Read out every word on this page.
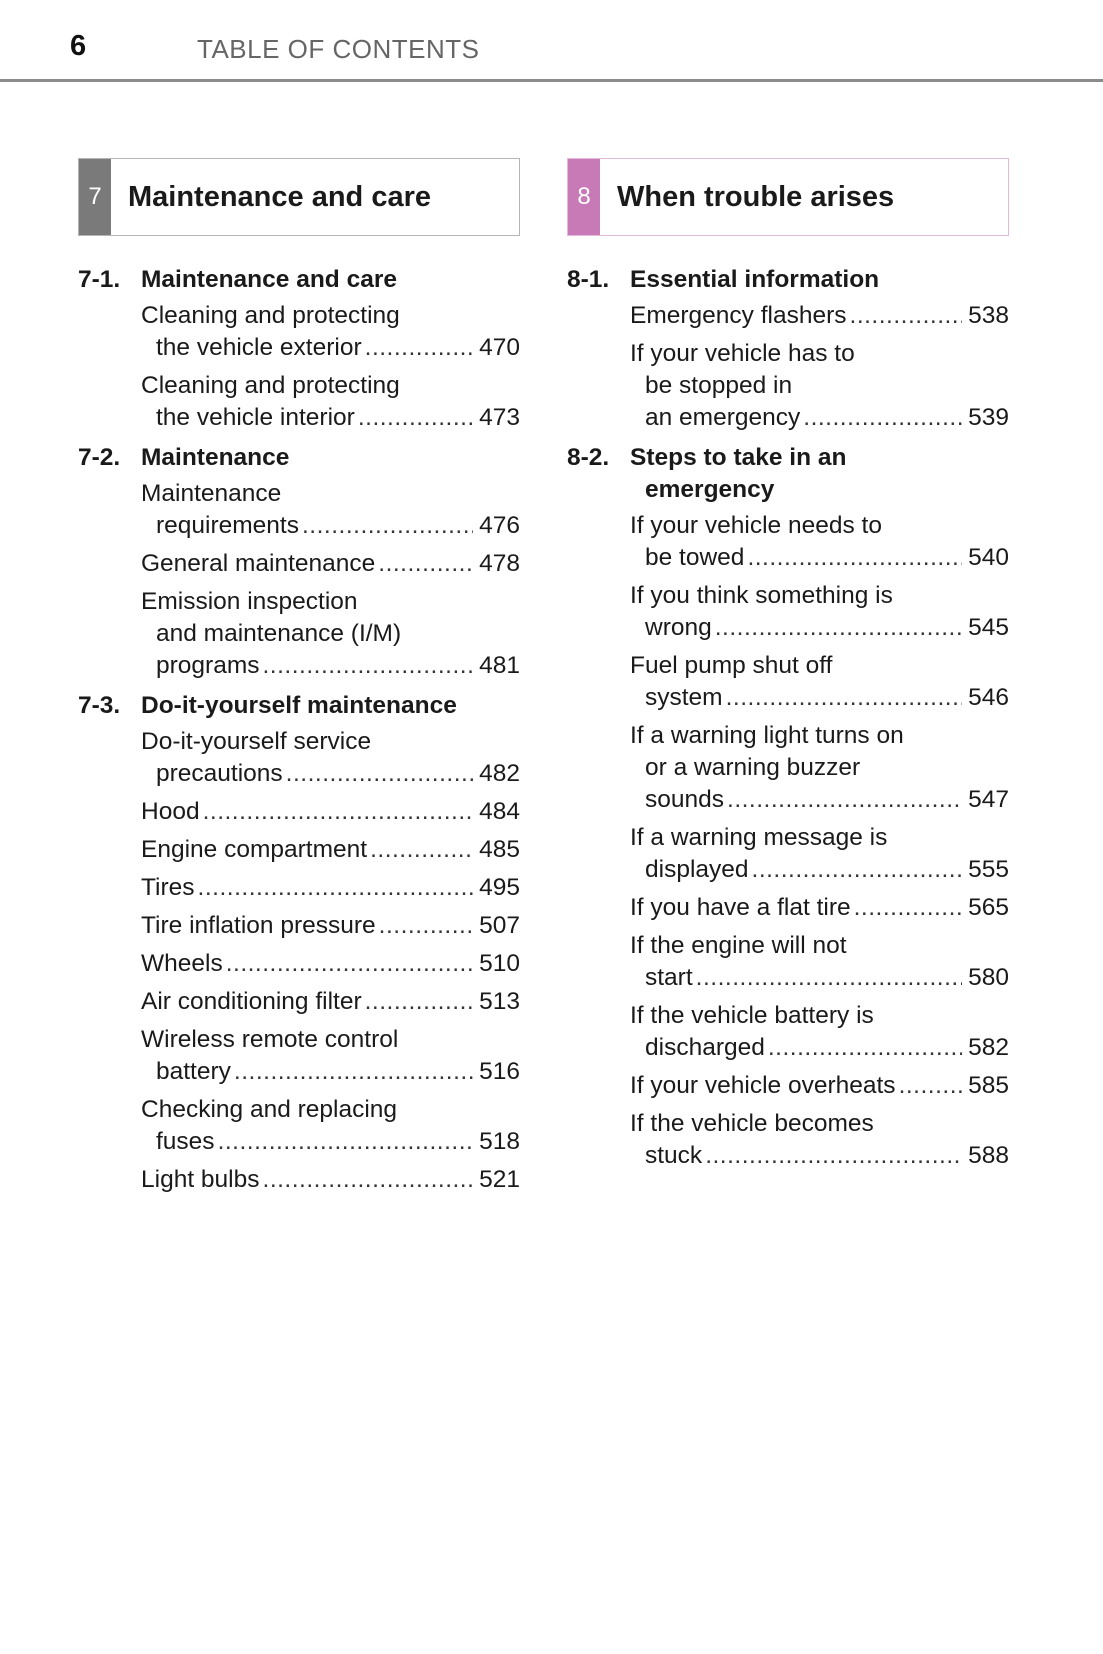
6	TABLE OF CONTENTS
7 Maintenance and care
7-1. Maintenance and care
Cleaning and protecting
the vehicle exterior .....	470
Cleaning and protecting
the vehicle interior .....	473
7-2. Maintenance
Maintenance
requirements .....	476
General maintenance .....	478
Emission inspection
and maintenance (I/M)
programs .....	481
7-3. Do-it-yourself maintenance
Do-it-yourself service
precautions .....	482
Hood .....	484
Engine compartment .....	485
Tires .....	495
Tire inflation pressure .....	507
Wheels .....	510
Air conditioning filter .....	513
Wireless remote control
battery .....	516
Checking and replacing
fuses .....	518
Light bulbs .....	521
8 When trouble arises
8-1. Essential information
Emergency flashers .....	538
If your vehicle has to
be stopped in
an emergency .....	539
8-2. Steps to take in an
emergency
If your vehicle needs to
be towed .....	540
If you think something is
wrong .....	545
Fuel pump shut off
system .....	546
If a warning light turns on
or a warning buzzer
sounds .....	547
If a warning message is
displayed .....	555
If you have a flat tire .....	565
If the engine will not
start .....	580
If the vehicle battery is
discharged .....	582
If your vehicle overheats .....	585
If the vehicle becomes
stuck .....	588
